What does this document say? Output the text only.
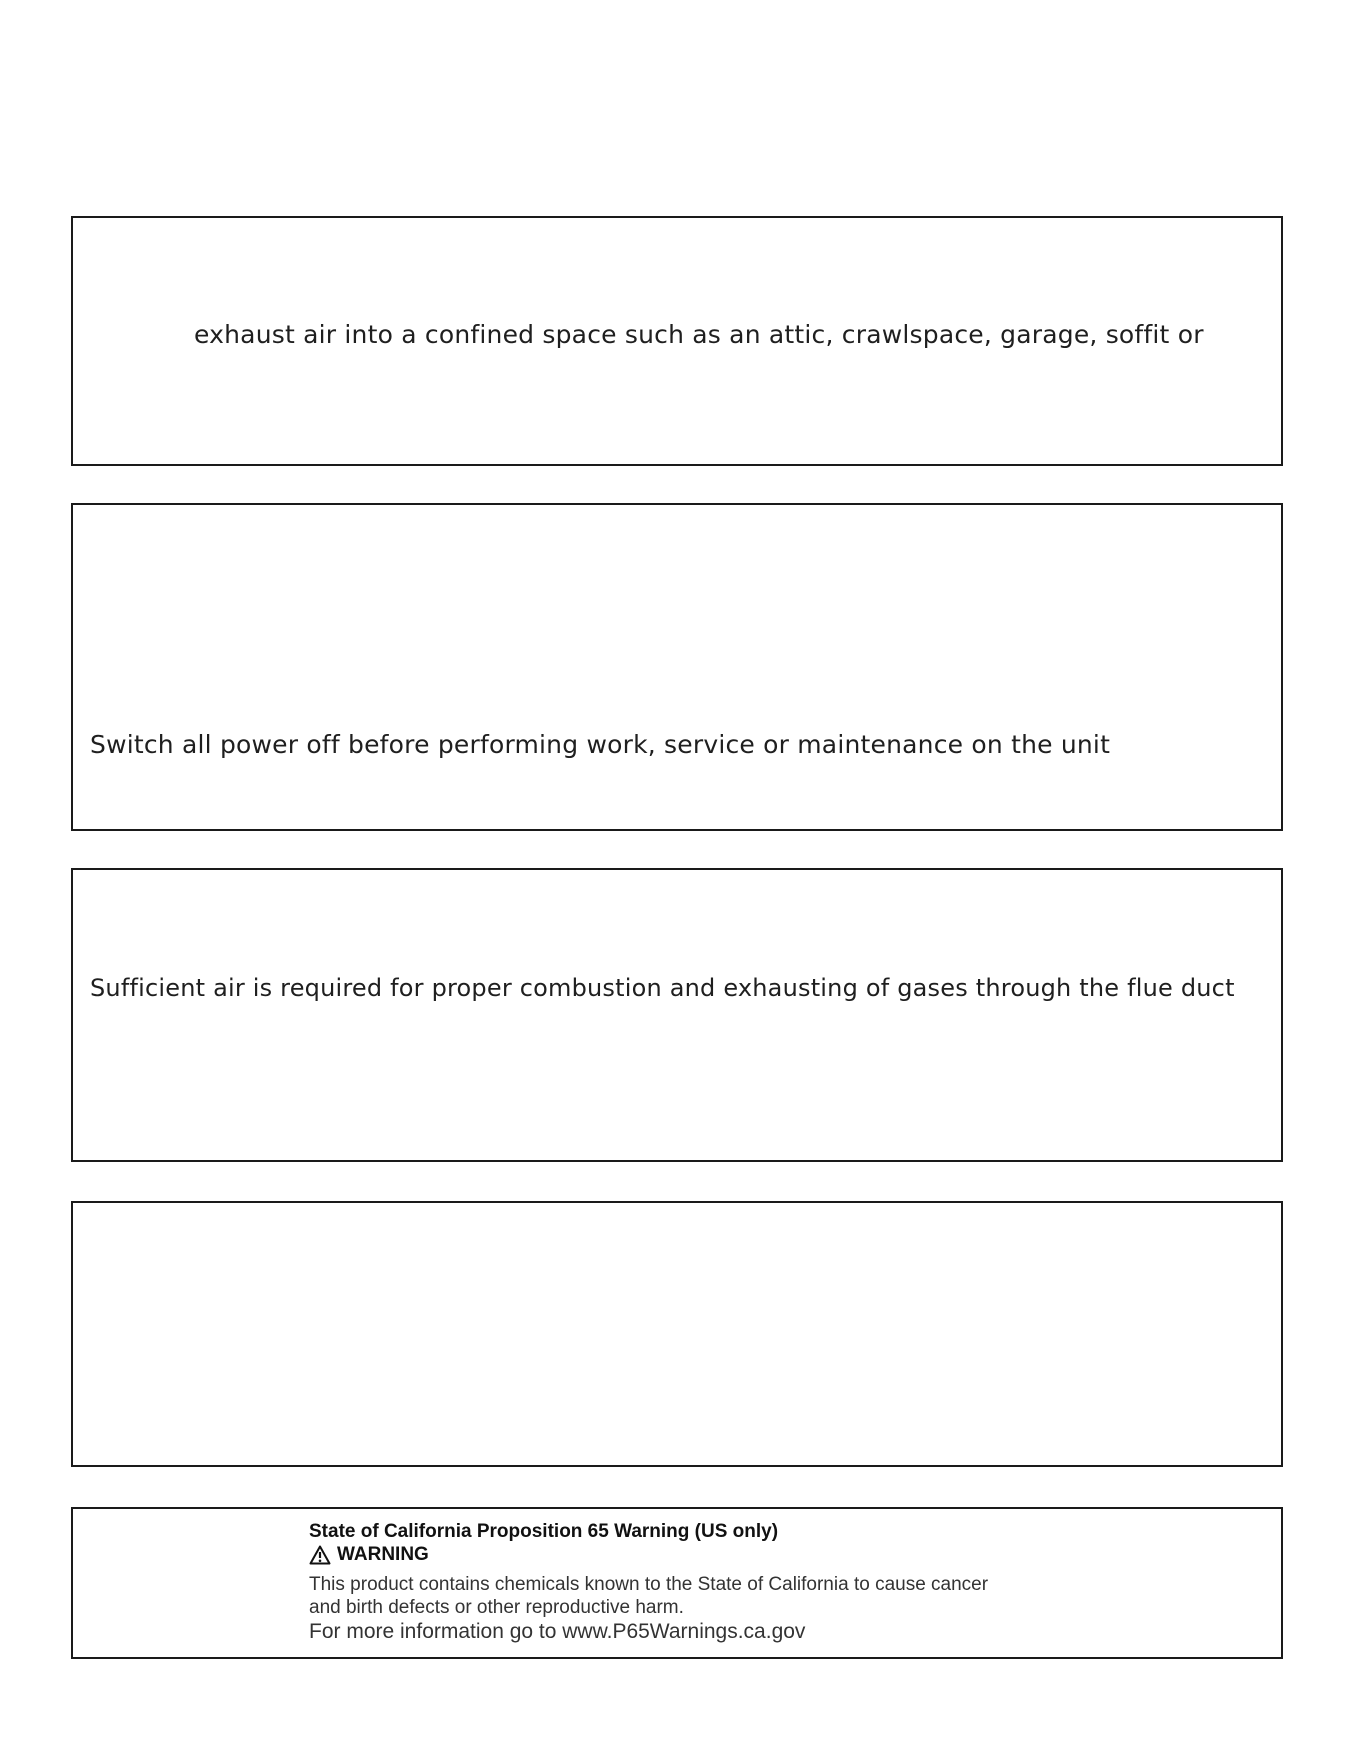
exhaust air into a confined space such as an attic, crawlspace, garage, soffit or
Switch all power off before performing work, service or maintenance on the unit
Sufficient air is required for proper combustion and exhausting of gases through the flue duct
State of California Proposition 65 Warning (US only)
WARNING
This product contains chemicals known to the State of California to cause cancer
and birth defects or other reproductive harm.
For more information go to www.P65Warnings.ca.gov
